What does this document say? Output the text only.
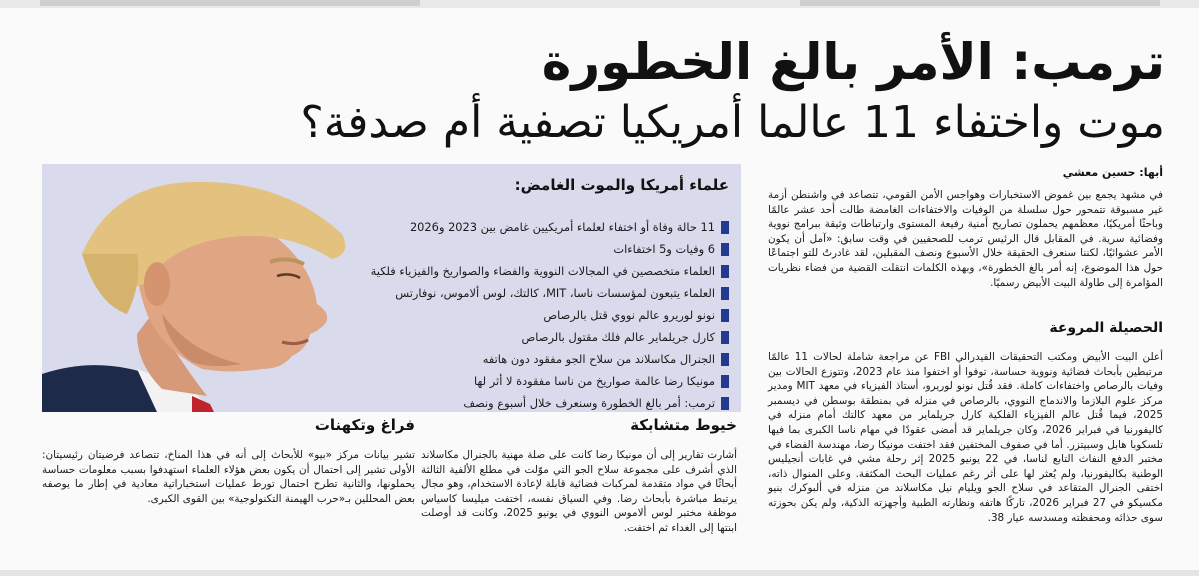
ترمب: الأمر بالغ الخطورة
موت واختفاء 11 عالما أمريكيا تصفية أم صدفة؟
أبها: حسين معشي

في مشهد يجمع بين غموض الاستخبارات وهواجس الأمن القومي، تتصاعد في واشنطن أزمة غير مسبوقة تتمحور حول سلسلة من الوفيات والاختفاءات الغامضة طالت أحد عشر عالمًا وباحثًا أمريكيًا، معظمهم يحملون تصاريح أمنية رفيعة المستوى وارتباطات وثيقة ببرامج نووية وفضائية سرية. في المقابل قال الرئيس ترمب للصحفيين في وقت سابق: «آمل أن يكون الأمر عشوائيًا، لكننا سنعرف الحقيقة خلال الأسبوع ونصف المقبلين، لقد غادرتُ للتو اجتماعًا حول هذا الموضوع، إنه أمر بالغ الخطورة»، وبهذه الكلمات انتقلت القضية من فضاء نظريات المؤامرة إلى طاولة البيت الأبيض رسميًا.

الحصيلة المروعة

أعلن البيت الأبيض ومكتب التحقيقات الفيدرالي FBI عن مراجعة شاملة لحالات 11 عالمًا مرتبطين بأبحاث فضائية ونووية حساسة، توفوا أو اختفوا منذ عام 2023، وتتوزع الحالات بين وفيات بالرصاص واختفاءات كاملة. فقد قُتل نونو لوريرو، أستاذ الفيزياء في معهد MIT ومدير مركز علوم البلازما والاندماج النووي، بالرصاص في منزله في بمنطقة بوسطن في ديسمبر 2025، فيما قُتل عالم الفيزياء الفلكية كارل جريلماير من معهد كالتك أمام منزله في كاليفورنيا في فبراير 2026، وكان جريلماير قد أمضى عقودًا في مهام ناسا الكبرى بما فيها تلسكوبا هابل وسبيتزر. أما في صفوف المختفين فقد اختفت مونيكا رضا، مهندسة الفضاء في مختبر الدفع النفاث التابع لناسا، في 22 يونيو 2025 إثر رحلة مشي في غابات أنجيليس الوطنية بكاليفورنيا، ولم يُعثر لها على أثر رغم عمليات البحث المكثفة. وعلى المنوال ذاته، اختفى الجنرال المتقاعد في سلاح الجو ويليام نيل مكاسلاند من منزله في ألبوكرك بنيو مكسيكو في 27 فبراير 2026، تاركًا هاتفه ونظارته الطبية وأجهزته الذكية، ولم يكن بحوزته سوى حذائه ومحفظته ومسدسه عيار 38.

علماء أمريكا والموت الغامض:
11 حالة وفاة أو اختفاء لعلماء أمريكيين غامض بين 2023 و2026
6 وفيات و5 اختفاءات
العلماء متخصصين في المجالات النووية والفضاء والصواريخ والفيزياء فلكية
العلماء يتبعون لمؤسسات ناسا، MIT، كالتك، لوس ألاموس، نوفارتس
نونو لوريرو عالم نووي قتل بالرصاص
كارل جريلماير عالم فلك مقتول بالرصاص
الجنرال مكاسلاند من سلاح الجو مفقود دون هاتفه
مونيكا رضا عالمة صواريخ من ناسا مفقودة لا أثر لها
ترمب: أمر بالغ الخطورة وسنعرف خلال أسبوع ونصف
خيوط متشابكة

أشارت تقارير إلى أن مونيكا رضا كانت على صلة مهنية بالجنرال مكاسلاند الذي أشرف على مجموعة سلاح الجو التي موّلت في مطلع الألفية الثالثة أبحاثًا في مواد متقدمة لمركبات فضائية قابلة لإعادة الاستخدام، وهو مجال يرتبط مباشرة بأبحاث رضا. وفي السياق نفسه، اختفت ميليسا كاسياس موظفة مختبر لوس ألاموس النووي في يونيو 2025، وكانت قد أوصلت ابنتها إلى الغداء ثم اختفت.

فراغ وتكهنات

تشير بيانات مركز «بيو» للأبحاث إلى أنه في هذا المناخ، تتصاعد فرضيتان رئيسيتان: الأولى تشير إلى احتمال أن يكون بعض هؤلاء العلماء استهدفوا بسبب معلومات حساسة يحملونها، والثانية تطرح احتمال تورط عمليات استخباراتية معادية في إطار ما يوصفه بعض المحللين بـ«حرب الهيمنة التكنولوجية» بين القوى الكبرى.
